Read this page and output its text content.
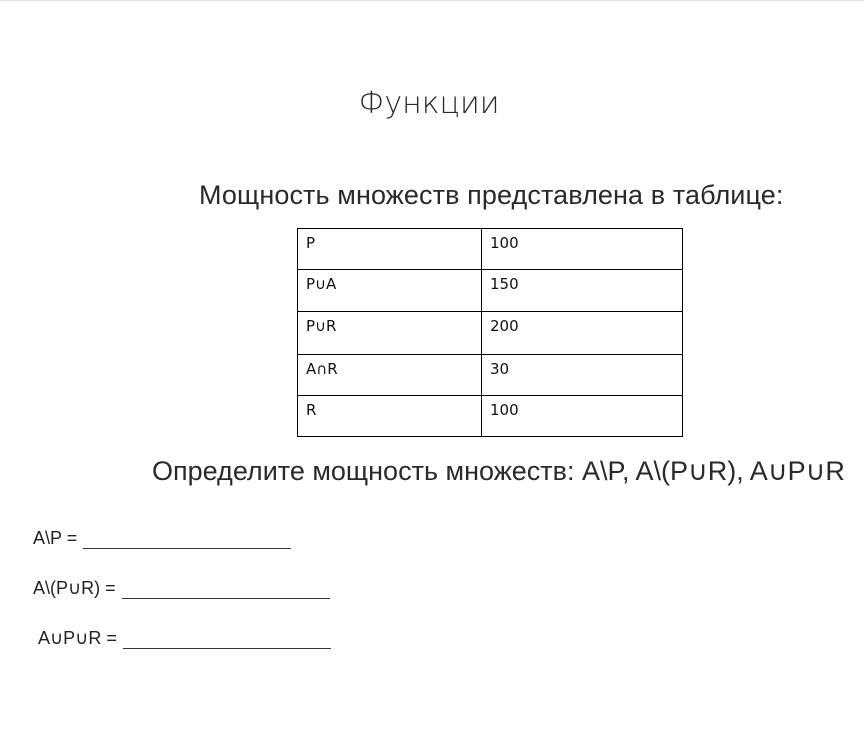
Функции
Мощность множеств представлена в таблице:
P	100
P∪A	150
P∪R	200
A∩R	30
R	100
Определите мощность множеств: A\P, A\(P∪R), A∪P∪R
A\P =
A\(P∪R) =
A∪P∪R =
